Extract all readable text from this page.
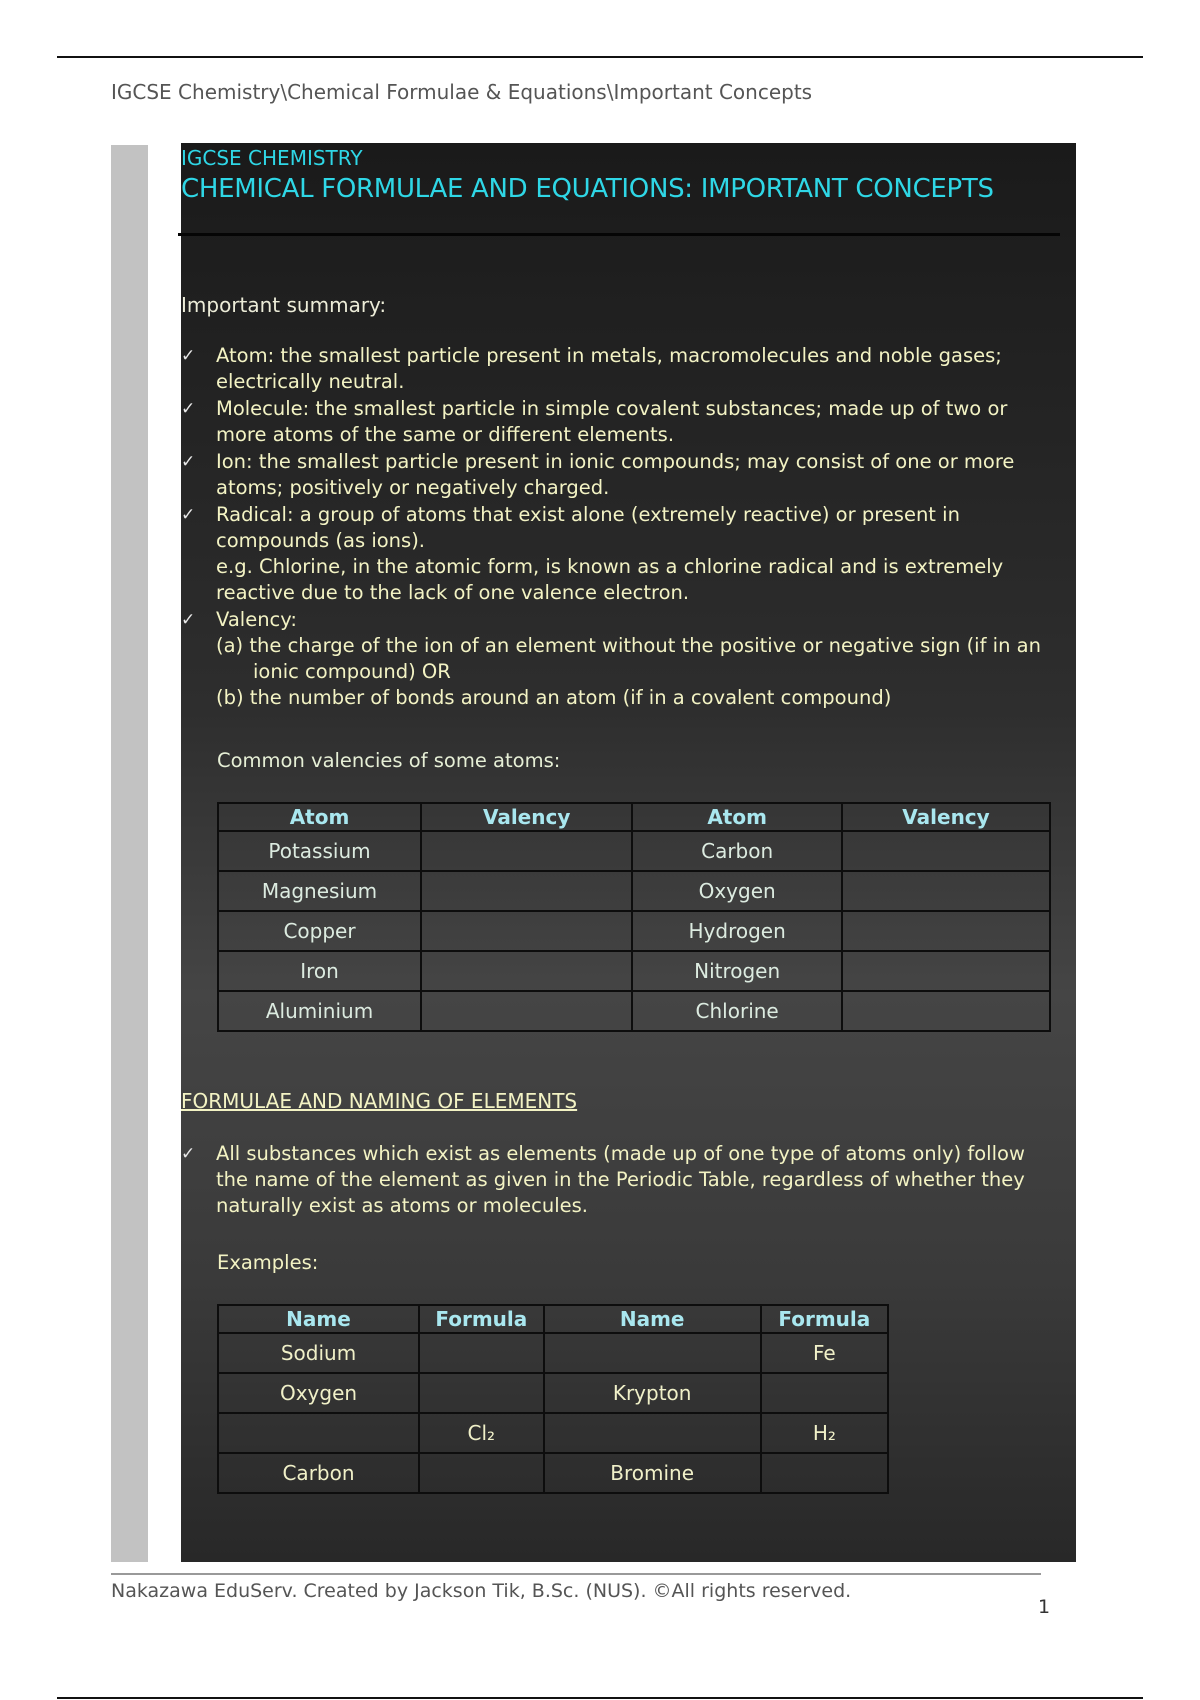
IGCSE Chemistry\Chemical Formulae & Equations\Important Concepts
IGCSE CHEMISTRY
CHEMICAL FORMULAE AND EQUATIONS: IMPORTANT CONCEPTS
Important summary:
✓ Atom: the smallest particle present in metals, macromolecules and noble gases; electrically neutral.
✓ Molecule: the smallest particle in simple covalent substances; made up of two or more atoms of the same or different elements.
✓ Ion: the smallest particle present in ionic compounds; may consist of one or more atoms; positively or negatively charged.
✓ Radical: a group of atoms that exist alone (extremely reactive) or present in compounds (as ions).
e.g. Chlorine, in the atomic form, is known as a chlorine radical and is extremely reactive due to the lack of one valence electron.
✓ Valency:
(a) the charge of the ion of an element without the positive or negative sign (if in an ionic compound) OR
(b) the number of bonds around an atom (if in a covalent compound)
Common valencies of some atoms:
Atom	Valency	Atom	Valency
Potassium		Carbon	
Magnesium		Oxygen	
Copper		Hydrogen	
Iron		Nitrogen	
Aluminium		Chlorine	
FORMULAE AND NAMING OF ELEMENTS
✓ All substances which exist as elements (made up of one type of atoms only) follow the name of the element as given in the Periodic Table, regardless of whether they naturally exist as atoms or molecules.
Examples:
Name	Formula	Name	Formula
Sodium			Fe
Oxygen		Krypton	
	Cl₂		H₂
Carbon		Bromine	
Nakazawa EduServ. Created by Jackson Tik, B.Sc. (NUS). ©All rights reserved.
1
